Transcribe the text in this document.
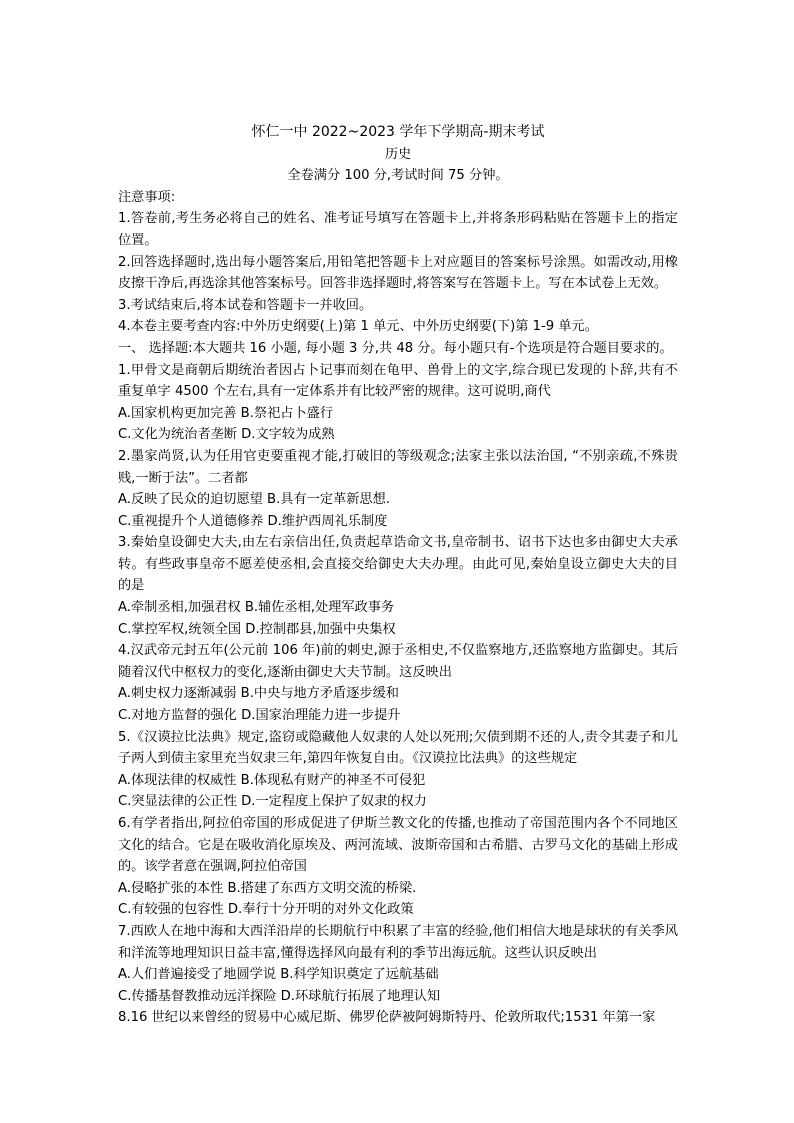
怀仁一中 2022~2023 学年下学期高-期末考试
历史
全卷满分 100 分,考试时间 75 分钟。
注意事项:
1.答卷前,考生务必将自己的姓名、准考证号填写在答题卡上,并将条形码粘贴在答题卡上的指定位置。
2.回答选择题时,选出每小题答案后,用铅笔把答题卡上对应题目的答案标号涂黑。如需改动,用橡皮擦干净后,再选涂其他答案标号。回答非选择题时,将答案写在答题卡上。写在本试卷上无效。
3.考试结束后,将本试卷和答题卡一并收回。
4.本卷主要考查内容:中外历史纲要(上)第 1 单元、中外历史纲要(下)第 1-9 单元。
一、 选择题:本大题共 16 小题, 每小题 3 分,共 48 分。每小题只有-个选项是符合题目要求的。
1.甲骨文是商朝后期统治者因占卜记事而刻在龟甲、兽骨上的文字,综合现已发现的卜辞,共有不重复单字 4500 个左右,具有一定体系并有比较严密的规律。这可说明,商代
A.国家机构更加完善 B.祭祀占卜盛行
C.文化为统治者垄断 D.文字较为成熟
2.墨家尚贤,认为任用官吏要重视才能,打破旧的等级观念;法家主张以法治国, “不别亲疏,不殊贵贱,一断于法”。二者都
A.反映了民众的迫切愿望 B.具有一定革新思想.
C.重视提升个人道德修养 D.维护西周礼乐制度
3.秦始皇设御史大夫,由左右亲信出任,负责起草诰命文书,皇帝制书、诏书下达也多由御史大夫承转。有些政事皇帝不愿差使丞相,会直接交给御史大夫办理。由此可见,秦始皇设立御史大夫的目的是
A.牵制丞相,加强君权 B.辅佐丞相,处理军政事务
C.掌控军权,统领全国 D.控制郡县,加强中央集权
4.汉武帝元封五年(公元前 106 年)前的刺史,源于丞相史,不仅监察地方,还监察地方监御史。其后随着汉代中枢权力的变化,逐渐由御史大夫节制。这反映出
A.刺史权力逐渐减弱 B.中央与地方矛盾逐步缓和
C.对地方监督的强化 D.国家治理能力进一步提升
5.《汉谟拉比法典》规定,盗窃或隐藏他人奴隶的人处以死刑;欠债到期不还的人,责令其妻子和儿子两人到债主家里充当奴隶三年,第四年恢复自由。《汉谟拉比法典》的这些规定
A.体现法律的权威性 B.体现私有财产的神圣不可侵犯
C.突显法律的公正性 D.一定程度上保护了奴隶的权力
6.有学者指出,阿拉伯帝国的形成促进了伊斯兰教文化的传播,也推动了帝国范围内各个不同地区文化的结合。它是在吸收消化原埃及、两河流域、波斯帝国和古希腊、古罗马文化的基础上形成的。该学者意在强调,阿拉伯帝国
A.侵略扩张的本性 B.搭建了东西方文明交流的桥梁.
C.有较强的包容性 D.奉行十分开明的对外文化政策
7.西欧人在地中海和大西洋沿岸的长期航行中积累了丰富的经验,他们相信大地是球状的有关季风和洋流等地理知识日益丰富,懂得选择风向最有利的季节出海远航。这些认识反映出
A.人们普遍接受了地圆学说 B.科学知识奠定了远航基础
C.传播基督教推动远洋探险 D.环球航行拓展了地理认知
8.16 世纪以来曾经的贸易中心威尼斯、佛罗伦萨被阿姆斯特丹、伦敦所取代;1531 年第一家
